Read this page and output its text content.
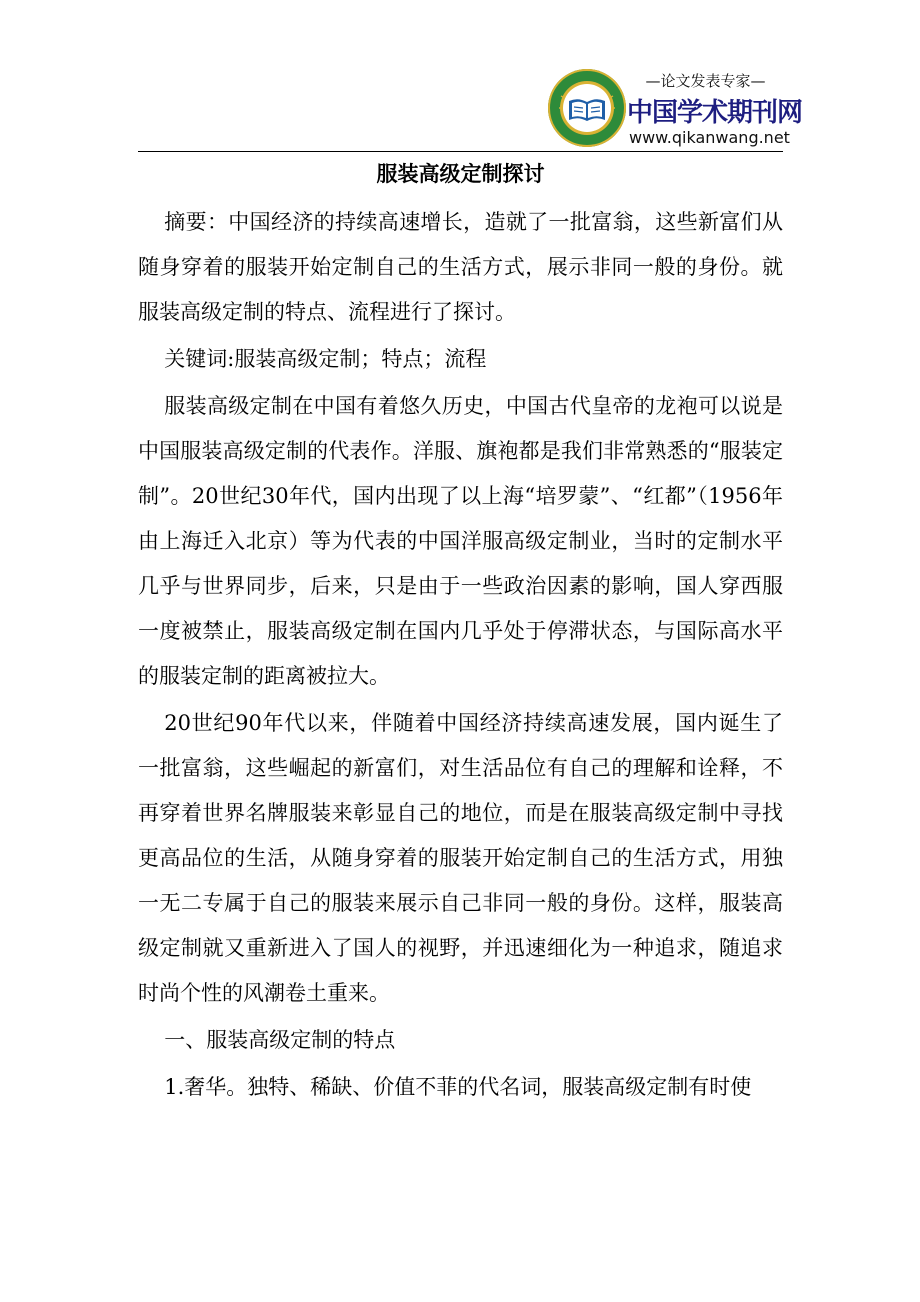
—论文发表专家—
中国学术期刊网
www.qikanwang.net
服装高级定制探讨

摘要：中国经济的持续高速增长，造就了一批富翁，这些新富们从随身穿着的服装开始定制自己的生活方式，展示非同一般的身份。就服装高级定制的特点、流程进行了探讨。

关键词:服装高级定制；特点；流程

服装高级定制在中国有着悠久历史，中国古代皇帝的龙袍可以说是中国服装高级定制的代表作。洋服、旗袍都是我们非常熟悉的“服装定制”。20世纪30年代，国内出现了以上海“培罗蒙”、“红都”（1956年由上海迁入北京）等为代表的中国洋服高级定制业，当时的定制水平几乎与世界同步，后来，只是由于一些政治因素的影响，国人穿西服一度被禁止，服装高级定制在国内几乎处于停滞状态，与国际高水平的服装定制的距离被拉大。

20世纪90年代以来，伴随着中国经济持续高速发展，国内诞生了一批富翁，这些崛起的新富们，对生活品位有自己的理解和诠释，不再穿着世界名牌服装来彰显自己的地位，而是在服装高级定制中寻找更高品位的生活，从随身穿着的服装开始定制自己的生活方式，用独一无二专属于自己的服装来展示自己非同一般的身份。这样，服装高级定制就又重新进入了国人的视野，并迅速细化为一种追求，随追求时尚个性的风潮卷土重来。

一、服装高级定制的特点

1.奢华。独特、稀缺、价值不菲的代名词，服装高级定制有时使
